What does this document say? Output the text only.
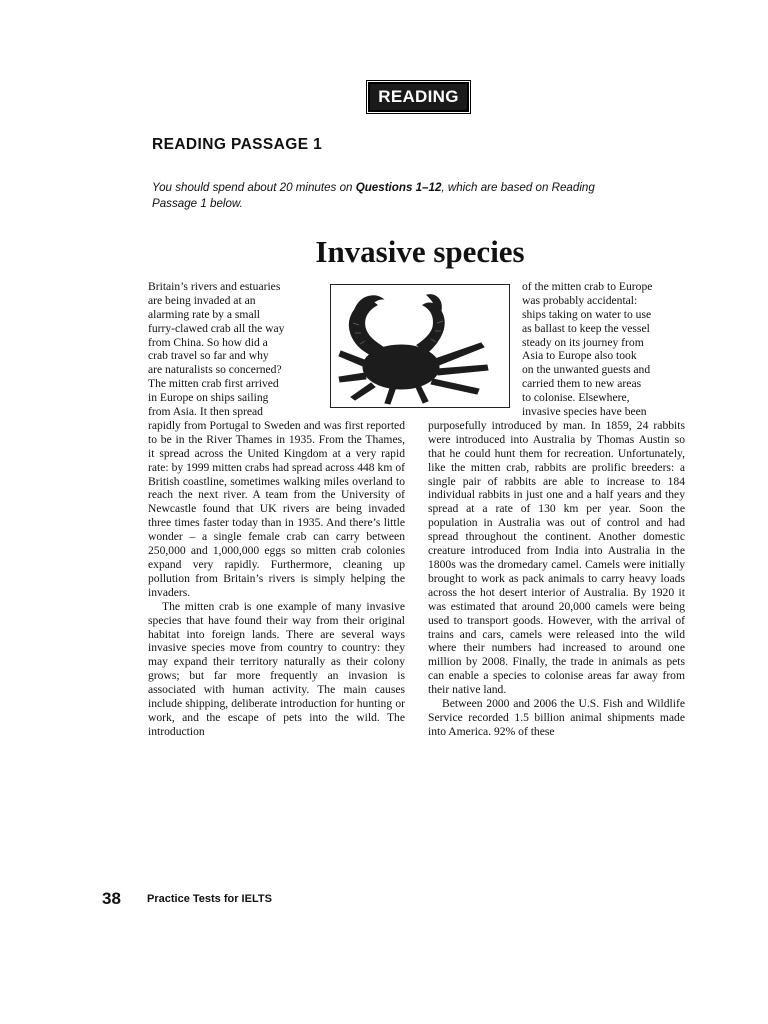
READING
READING PASSAGE 1
You should spend about 20 minutes on Questions 1–12, which are based on Reading
Passage 1 below.
Invasive species
Britain’s rivers and estuaries
are being invaded at an
alarming rate by a small
furry-clawed crab all the way
from China. So how did a
crab travel so far and why
are naturalists so concerned?
The mitten crab first arrived
in Europe on ships sailing
from Asia. It then spread

rapidly from Portugal to Sweden and was first reported to be in the River Thames in 1935. From the Thames, it spread across the United Kingdom at a very rapid rate: by 1999 mitten crabs had spread across 448 km of British coastline, sometimes walking miles overland to reach the next river. A team from the University of Newcastle found that UK rivers are being invaded three times faster today than in 1935. And there’s little wonder – a single female crab can carry between 250,000 and 1,000,000 eggs so mitten crab colonies expand very rapidly. Furthermore, cleaning up pollution from Britain’s rivers is simply helping the invaders.

The mitten crab is one example of many invasive species that have found their way from their original habitat into foreign lands. There are several ways invasive species move from country to country: they may expand their territory naturally as their colony grows; but far more frequently an invasion is associated with human activity. The main causes include shipping, deliberate introduction for hunting or work, and the escape of pets into the wild. The introduction

of the mitten crab to Europe
was probably accidental:
ships taking on water to use
as ballast to keep the vessel
steady on its journey from
Asia to Europe also took
on the unwanted guests and
carried them to new areas
to colonise. Elsewhere,
invasive species have been

purposefully introduced by man. In 1859, 24 rabbits were introduced into Australia by Thomas Austin so that he could hunt them for recreation. Unfortunately, like the mitten crab, rabbits are prolific breeders: a single pair of rabbits are able to increase to 184 individual rabbits in just one and a half years and they spread at a rate of 130 km per year. Soon the population in Australia was out of control and had spread throughout the continent. Another domestic creature introduced from India into Australia in the 1800s was the dromedary camel. Camels were initially brought to work as pack animals to carry heavy loads across the hot desert interior of Australia. By 1920 it was estimated that around 20,000 camels were being used to transport goods. However, with the arrival of trains and cars, camels were released into the wild where their numbers had increased to around one million by 2008. Finally, the trade in animals as pets can enable a species to colonise areas far away from their native land.

Between 2000 and 2006 the U.S. Fish and Wildlife Service recorded 1.5 billion animal shipments made into America. 92% of these

38 Practice Tests for IELTS
